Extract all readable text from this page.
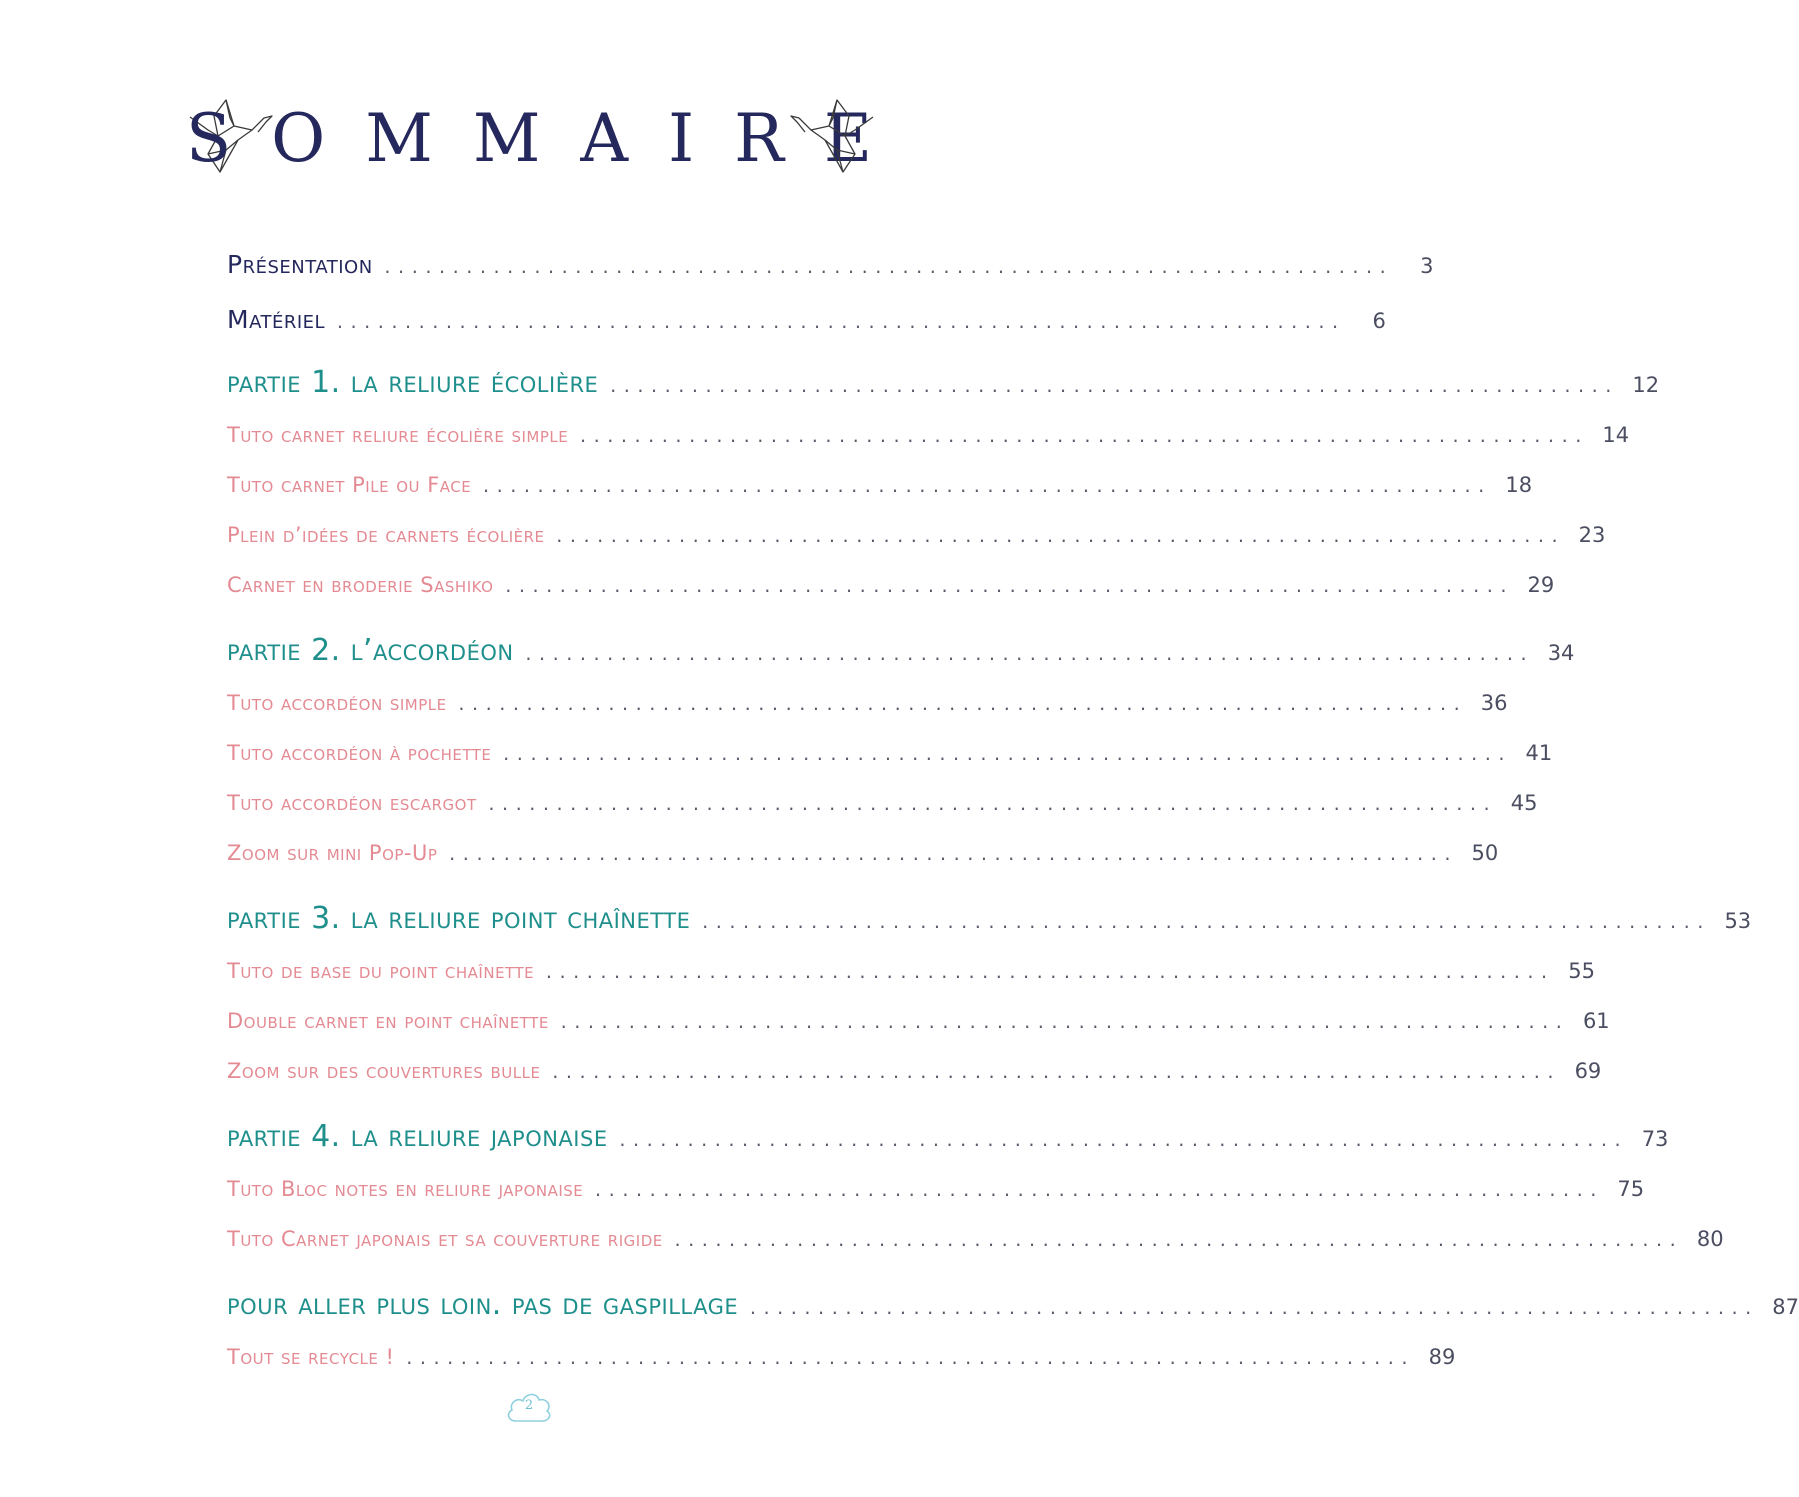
SOMMAIRE
Présentation ..........................................................................	3
Matériel ..........................................................................	6
partie 1. la reliure écolière .......................................................................... 12
Tuto carnet reliure écolière simple .......................................................................... 14
Tuto carnet Pile ou Face .......................................................................... 18
Plein d’idées de carnets écolière .......................................................................... 23
Carnet en broderie Sashiko .......................................................................... 29
partie 2. l’accordéon .......................................................................... 34
Tuto accordéon simple .......................................................................... 36
Tuto accordéon à pochette .......................................................................... 41
Tuto accordéon escargot .......................................................................... 45
Zoom sur mini Pop-Up .......................................................................... 50
partie 3. la reliure point chaînette .......................................................................... 53
Tuto de base du point chaînette .......................................................................... 55
Double carnet en point chaînette .......................................................................... 61
Zoom sur des couvertures bulle .......................................................................... 69
partie 4. la reliure japonaise .......................................................................... 73
Tuto Bloc notes en reliure japonaise .......................................................................... 75
Tuto Carnet japonais et sa couverture rigide .......................................................................... 80
pour aller plus loin. pas de gaspillage .......................................................................... 87
Tout se recycle ! .......................................................................... 89
2
